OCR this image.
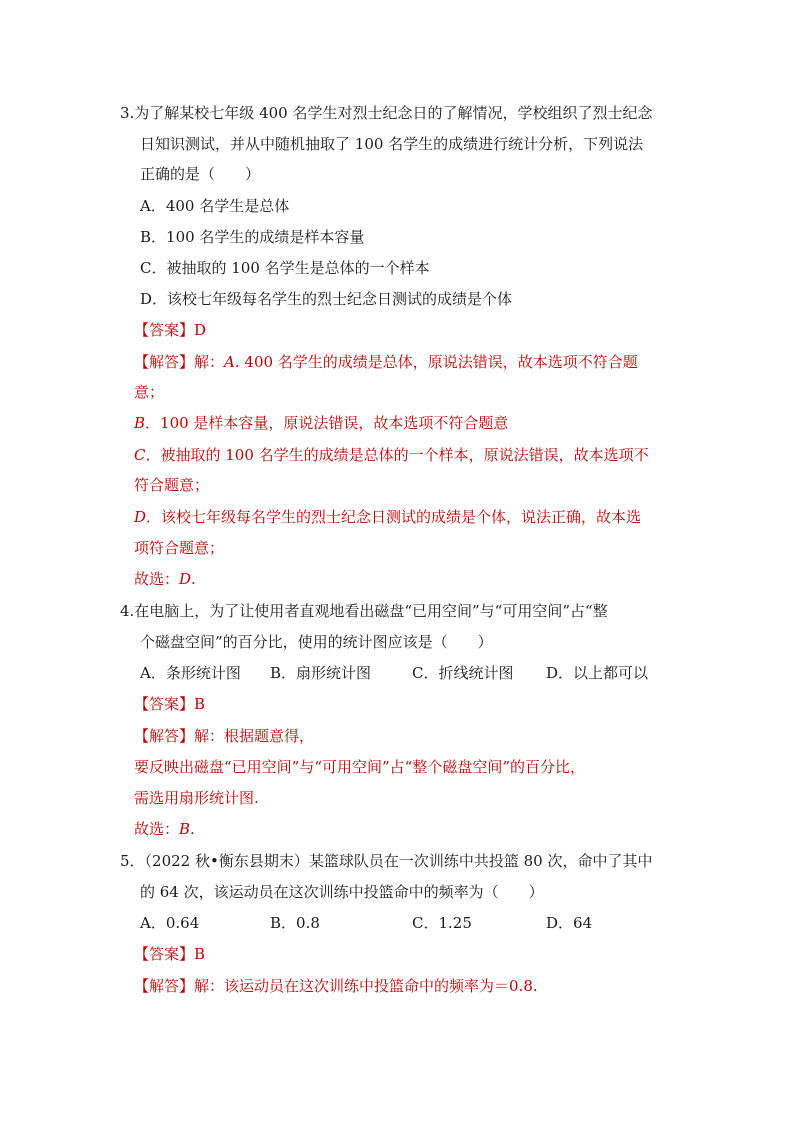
3.为了解某校七年级 400 名学生对烈士纪念日的了解情况，学校组织了烈士纪念
日知识测试，并从中随机抽取了 100 名学生的成绩进行统计分析，下列说法
正确的是（　　）
A．400 名学生是总体
B．100 名学生的成绩是样本容量
C．被抽取的 100 名学生是总体的一个样本
D．该校七年级每名学生的烈士纪念日测试的成绩是个体
【答案】D
【解答】解：A. 400 名学生的成绩是总体，原说法错误，故本选项不符合题
意；
B．100 是样本容量，原说法错误，故本选项不符合题意
C．被抽取的 100 名学生的成绩是总体的一个样本，原说法错误，故本选项不
符合题意；
D．该校七年级每名学生的烈士纪念日测试的成绩是个体，说法正确，故本选
项符合题意；
故选：D.
4.在电脑上，为了让使用者直观地看出磁盘“已用空间”与“可用空间”占“整
个磁盘空间”的百分比，使用的统计图应该是（　　）
A．条形统计图 B．扇形统计图	C．折线统计图 D．以上都可以
【答案】B
【解答】解：根据题意得，
要反映出磁盘“已用空间”与“可用空间”占“整个磁盘空间”的百分比，
需选用扇形统计图.
故选：B.
5．（2022 秋•衡东县期末）某篮球队员在一次训练中共投篮 80 次，命中了其中
的 64 次，该运动员在这次训练中投篮命中的频率为（　　）
A．0.64	B．0.8	C．1.25	D．64
【答案】B
【解答】解：该运动员在这次训练中投篮命中的频率为＝0.8.
